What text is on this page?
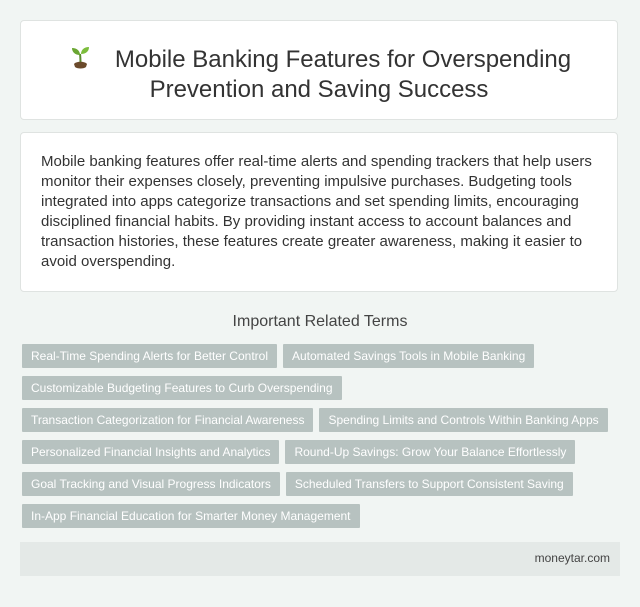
Mobile Banking Features for Overspending
Prevention and Saving Success

Mobile banking features offer real-time alerts and spending trackers that help users monitor their expenses closely, preventing impulsive purchases. Budgeting tools integrated into apps categorize transactions and set spending limits, encouraging disciplined financial habits. By providing instant access to account balances and transaction histories, these features create greater awareness, making it easier to avoid overspending.

Important Related Terms
Real-Time Spending Alerts for Better Control Automated Savings Tools in Mobile Banking
Customizable Budgeting Features to Curb Overspending
Transaction Categorization for Financial Awareness Spending Limits and Controls Within Banking Apps
Personalized Financial Insights and Analytics Round-Up Savings: Grow Your Balance Effortlessly
Goal Tracking and Visual Progress Indicators Scheduled Transfers to Support Consistent Saving
In-App Financial Education for Smarter Money Management
moneytar.com
